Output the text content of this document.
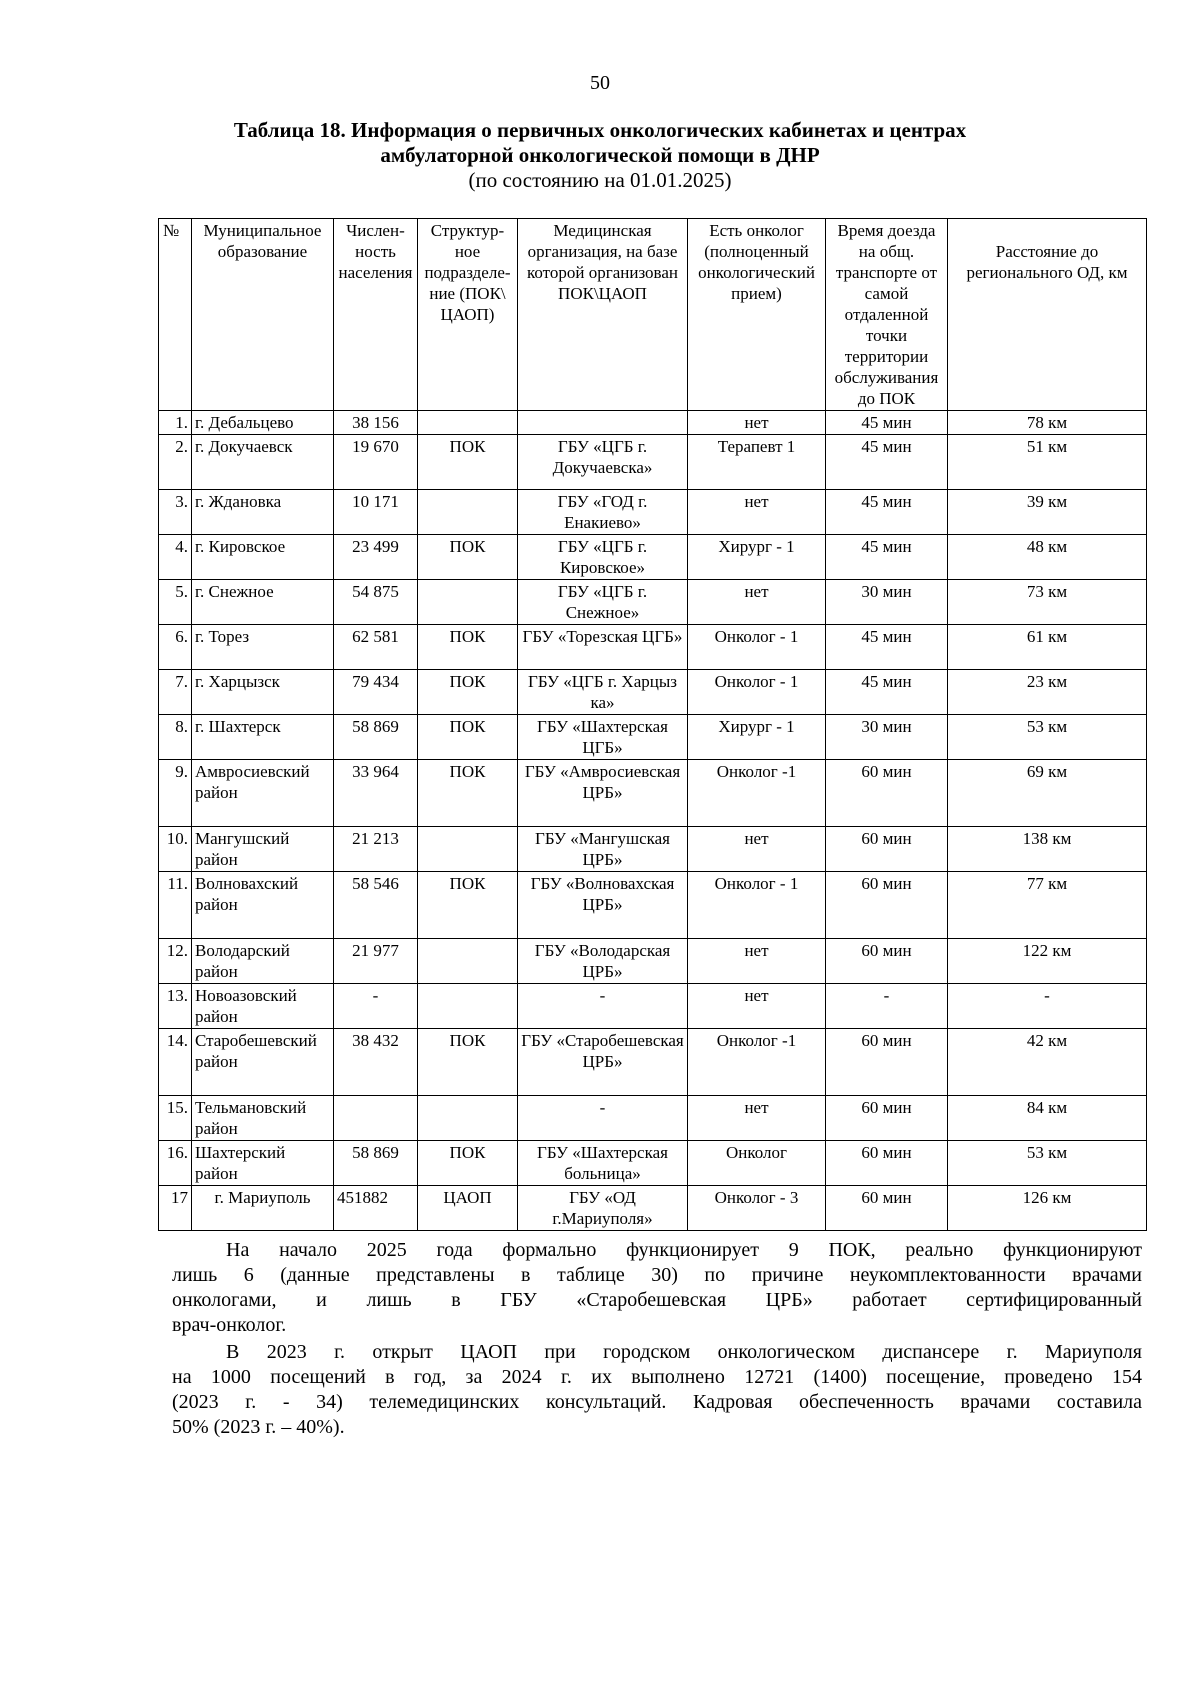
50
Таблица 18. Информация о первичных онкологических кабинетах и центрах
амбулаторной онкологической помощи в ДНР
(по состоянию на 01.01.2025)
№	Муниципальное образование	Числен-ность населения	Структур-ное подразделе-ние (ПОК\ ЦАОП)	Медицинская организация, на базе которой организован ПОК\ЦАОП	Есть онколог (полноценный онкологический прием)	Время доезда на общ. транспорте от самой отдаленной точки территории обслуживания до ПОК	Расстояние до регионального ОД, км
1.	г. Дебальцево	38 156			нет	45 мин	78 км
2.	г. Докучаевск	19 670	ПОК	ГБУ «ЦГБ г. Докучаевска»	Терапевт 1	45 мин	51 км
3.	г. Ждановка	10 171		ГБУ «ГОД г. Енакиево»	нет	45 мин	39 км
4.	г. Кировское	23 499	ПОК	ГБУ «ЦГБ г. Кировское»	Хирург - 1	45 мин	48 км
5.	г. Снежное	54 875		ГБУ «ЦГБ г. Снежное»	нет	30 мин	73 км
6.	г. Торез	62 581	ПОК	ГБУ «Торезская ЦГБ»	Онколог - 1	45 мин	61 км
7.	г. Харцызск	79 434	ПОК	ГБУ «ЦГБ г. Харцыз ка»	Онколог - 1	45 мин	23 км
8.	г. Шахтерск	58 869	ПОК	ГБУ «Шахтерская ЦГБ»	Хирург - 1	30 мин	53 км
9.	Амвросиевский район	33 964	ПОК	ГБУ «Амвросиевская ЦРБ»	Онколог -1	60 мин	69 км
10.	Мангушский район	21 213		ГБУ «Мангушская ЦРБ»	нет	60 мин	138 км
11.	Волновахский район	58 546	ПОК	ГБУ «Волновахская ЦРБ»	Онколог - 1	60 мин	77 км
12.	Володарский район	21 977		ГБУ «Володарская ЦРБ»	нет	60 мин	122 км
13.	Новоазовский район	-		-	нет	-	-
14.	Старобешевский район	38 432	ПОК	ГБУ «Старобешевская ЦРБ»	Онколог -1	60 мин	42 км
15.	Тельмановский район			-	нет	60 мин	84 км
16.	Шахтерский район	58 869	ПОК	ГБУ «Шахтерская больница»	Онколог	60 мин	53 км
17	г. Мариуполь	451882	ЦАОП	ГБУ «ОД г.Мариуполя»	Онколог - 3	60 мин	126 км
На начало 2025 года формально функционирует 9 ПОК, реально функционируют
лишь 6 (данные представлены в таблице 30) по причине неукомплектованности врачами
онкологами, и лишь в ГБУ «Старобешевская ЦРБ» работает сертифицированный
врач-онколог.
В 2023 г. открыт ЦАОП при городском онкологическом диспансере г. Мариуполя
на 1000 посещений в год, за 2024 г. их выполнено 12721 (1400) посещение, проведено 154
(2023 г. - 34) телемедицинских консультаций. Кадровая обеспеченность врачами составила
50% (2023 г. – 40%).
